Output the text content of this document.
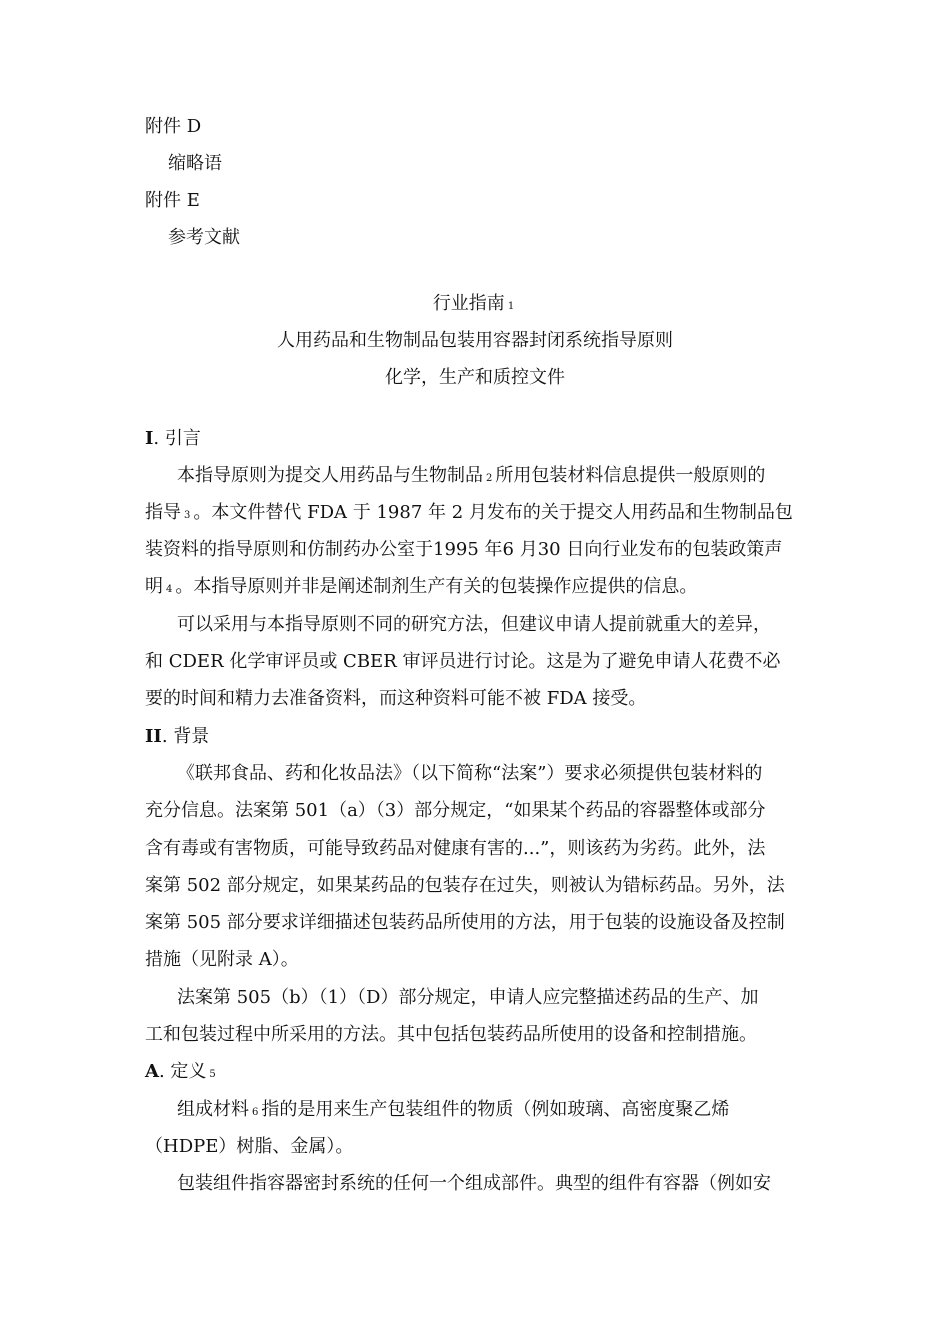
附件 D
缩略语
附件 E
参考文献
行业指南 1
人用药品和生物制品包装用容器封闭系统指导原则
化学，生产和质控文件
I. 引言
本指导原则为提交人用药品与生物制品 2 所用包装材料信息提供一般原则的
指导 3 。本文件替代 FDA 于 1987 年 2 月发布的关于提交人用药品和生物制品包
装资料的指导原则和仿制药办公室于1995 年6 月30 日向行业发布的包装政策声
明 4 。本指导原则并非是阐述制剂生产有关的包装操作应提供的信息。
可以采用与本指导原则不同的研究方法，但建议申请人提前就重大的差异，
和 CDER 化学审评员或 CBER 审评员进行讨论。这是为了避免申请人花费不必
要的时间和精力去准备资料，而这种资料可能不被 FDA 接受。
II. 背景
《联邦食品、药和化妆品法》（以下简称“法案”）要求必须提供包装材料的
充分信息。法案第 501（a）（3）部分规定，“如果某个药品的容器整体或部分
含有毒或有害物质，可能导致药品对健康有害的...”，则该药为劣药。此外，法
案第 502 部分规定，如果某药品的包装存在过失，则被认为错标药品。另外，法
案第 505 部分要求详细描述包装药品所使用的方法，用于包装的设施设备及控制
措施（见附录 A）。
法案第 505（b）（1）（D）部分规定，申请人应完整描述药品的生产、加
工和包装过程中所采用的方法。其中包括包装药品所使用的设备和控制措施。
A. 定义 5
组成材料 6 指的是用来生产包装组件的物质（例如玻璃、高密度聚乙烯
（HDPE）树脂、金属）。
包装组件指容器密封系统的任何一个组成部件。典型的组件有容器（例如安
